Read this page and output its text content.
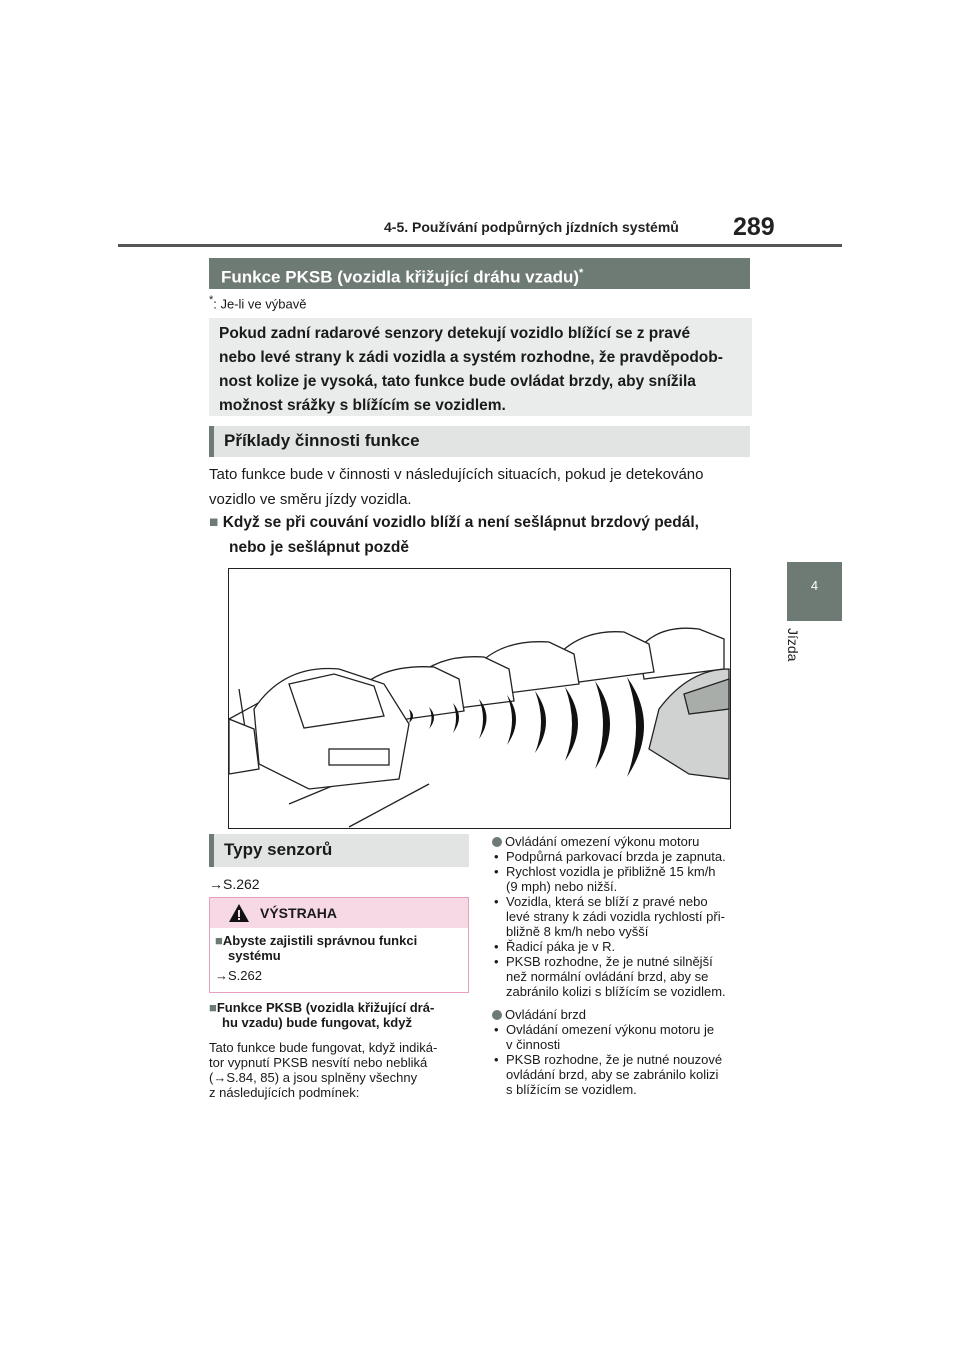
4-5. Používání podpůrných jízdních systémů 289
4
Jízda
Funkce PKSB (vozidla křižující dráhu vzadu)*
*: Je-li ve výbavě
Pokud zadní radarové senzory detekují vozidlo blížící se z pravé
nebo levé strany k zádi vozidla a systém rozhodne, že pravděpodob-
nost kolize je vysoká, tato funkce bude ovládat brzdy, aby snížila
možnost srážky s blížícím se vozidlem.
Příklady činnosti funkce
Tato funkce bude v činnosti v následujících situacích, pokud je detekováno
vozidlo ve směru jízdy vozidla.
■ Když se při couvání vozidlo blíží a není sešlápnut brzdový pedál,
nebo je sešlápnut pozdě
Typy senzorů
→S.262
VÝSTRAHA
■Abyste zajistili správnou funkci
systému
→S.262
■Funkce PKSB (vozidla křižující drá-
hu vzadu) bude fungovat, když
Tato funkce bude fungovat, když indiká-
tor vypnutí PKSB nesvítí nebo nebliká
(→S.84, 85) a jsou splněny všechny
z následujících podmínek:
Ovládání omezení výkonu motoru
• Podpůrná parkovací brzda je zapnuta.
• Rychlost vozidla je přibližně 15 km/h
(9 mph) nebo nižší.
• Vozidla, která se blíží z pravé nebo
levé strany k zádi vozidla rychlostí při-
bližně 8 km/h nebo vyšší
• Řadicí páka je v R.
• PKSB rozhodne, že je nutné silnější
než normální ovládání brzd, aby se
zabránilo kolizi s blížícím se vozidlem.
Ovládání brzd
• Ovládání omezení výkonu motoru je
v činnosti
• PKSB rozhodne, že je nutné nouzové
ovládání brzd, aby se zabránilo kolizi
s blížícím se vozidlem.
